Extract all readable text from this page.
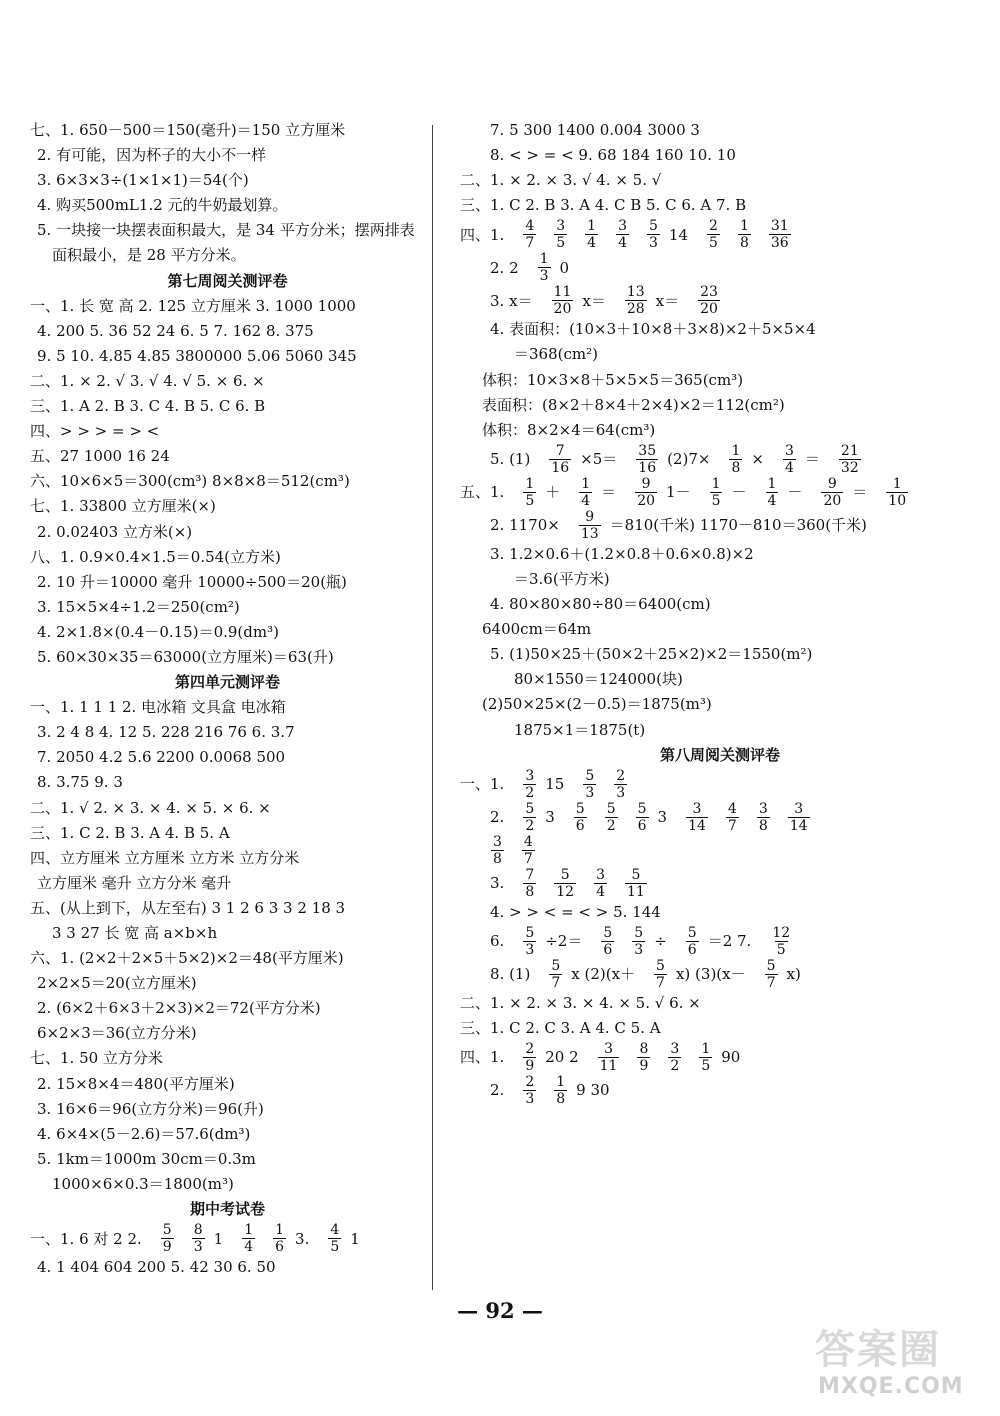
七、1. 650－500＝150(毫升)＝150 立方厘米
2. 有可能，因为杯子的大小不一样
3. 6×3×3÷(1×1×1)＝54(个)
4. 购买500mL1.2 元的牛奶最划算。
5. 一块接一块摆表面积最大，是 34 平方分米；摆两排表
面积最小，是 28 平方分米。
第七周阅关测评卷
一、1. 长 宽 高 2. 125 立方厘米 3. 1000 1000
4. 200 5. 36 52 24 6. 5 7. 162 8. 375
9. 5 10. 4.85 4.85 3800000 5.06 5060 345
二、1. × 2. √ 3. √ 4. √ 5. × 6. ×
三、1. A 2. B 3. C 4. B 5. C 6. B
四、> > > = > <
五、27 1000 16 24
六、10×6×5＝300(cm³) 8×8×8＝512(cm³)
七、1. 33800 立方厘米(×)
2. 0.02403 立方米(×)
八、1. 0.9×0.4×1.5＝0.54(立方米)
2. 10 升＝10000 毫升 10000÷500＝20(瓶)
3. 15×5×4÷1.2＝250(cm²)
4. 2×1.8×(0.4－0.15)＝0.9(dm³)
5. 60×30×35＝63000(立方厘米)＝63(升)
第四单元测评卷
一、1. 1 1 1 2. 电冰箱 文具盒 电冰箱
3. 2 4 8 4. 12 5. 228 216 76 6. 3.7
7. 2050 4.2 5.6 2200 0.0068 500
8. 3.75 9. 3
二、1. √ 2. × 3. × 4. × 5. × 6. ×
三、1. C 2. B 3. A 4. B 5. A
四、立方厘米 立方厘米 立方米 立方分米
立方厘米 毫升 立方分米 毫升
五、(从上到下，从左至右) 3 1 2 6 3 3 2 18 3
3 3 27 长 宽 高 a×b×h
六、1. (2×2＋2×5＋5×2)×2＝48(平方厘米)
2×2×5＝20(立方厘米)
2. (6×2＋6×3＋2×3)×2＝72(平方分米)
6×2×3＝36(立方分米)
七、1. 50 立方分米
2. 15×8×4＝480(平方厘米)
3. 16×6＝96(立方分米)＝96(升)
4. 6×4×(5－2.6)＝57.6(dm³)
5. 1km＝1000m 30cm＝0.3m
1000×6×0.3＝1800(m³)
期中考试卷
一、1. 6 对 2 2. $\frac{5}{9} \frac{8}{3} 1 \frac{1}{4} \frac{1}{6} 3$. $\frac{4}{5} 1$
4. 1 404 604 200 5. 42 30 6. 50
7. 5 300 1400 0.004 3000 3
8. < > = < 9. 68 184 160 10. 10
二、1. × 2. × 3. √ 4. × 5. √
三、1. C 2. B 3. A 4. C B 5. C 6. A 7. B
四、1. $\frac{4}{7} \frac{3}{5} \frac{1}{4} \frac{3}{4} \frac{5}{3} 14 \frac{2}{5} \frac{1}{8} \frac{31}{36}$
2. $2 \frac{1}{3} 0$
3. $x= \frac{11}{20} x= \frac{13}{28} x= \frac{23}{20}$
4. 表面积：(10×3＋10×8＋3×8)×2＋5×5×4
＝368(cm²)
体积：10×3×8＋5×5×5＝365(cm³)
表面积：(8×2＋8×4＋2×4)×2＝112(cm²)
体积：8×2×4＝64(cm³)
5. $(1) \frac{7}{16} \times 5= \frac{35}{16} (2)7\times \frac{1}{8} \times \frac{3}{4} = \frac{21}{32}$
五、1. $\frac{1}{5} + \frac{1}{4} = \frac{9}{20} 1- \frac{1}{5} - \frac{1}{4} - \frac{9}{20} = \frac{1}{10}$
2. $1170\times \frac{9}{13} =810$(千米) 1170－810＝360(千米)
3. 1.2×0.6＋(1.2×0.8＋0.6×0.8)×2
＝3.6(平方米)
4. 80×80×80÷80＝6400(cm)
6400cm＝64m
5. (1)50×25＋(50×2＋25×2)×2＝1550(m²)
80×1550＝124000(块)
(2)50×25×(2－0.5)＝1875(m³)
1875×1＝1875(t)
第八周阅关测评卷
一、1. $\frac{3}{2} 15 \frac{5}{3} \frac{2}{3}$
2. $\frac{5}{2} 3 \frac{5}{6} \frac{5}{2} \frac{5}{6} 3 \frac{3}{14} \frac{4}{7} \frac{3}{8} \frac{3}{14}$
$\frac{3}{8} \frac{4}{7}$
3. $\frac{7}{8} \frac{5}{12} \frac{3}{4} \frac{5}{11}$
4. > > < = < > 5. 144
6. $\frac{5}{3} \div 2= \frac{5}{6} \frac{5}{3} \div \frac{5}{6} =2$ 7. $\frac{12}{5}$
8. $(1) \frac{5}{7}$ x $(2)(x+ \frac{5}{7} x)$ $(3)(x- \frac{5}{7} x)$
二、1. × 2. × 3. × 4. × 5. √ 6. ×
三、1. C 2. C 3. A 4. C 5. A
四、1. $\frac{2}{9} 20$ $2 \frac{3}{11} \frac{8}{9} \frac{3}{2} \frac{1}{5} 90$
2. $\frac{2}{3} \frac{1}{8} 9$ 30
— 92 —
答案圈
MXQE.COM
